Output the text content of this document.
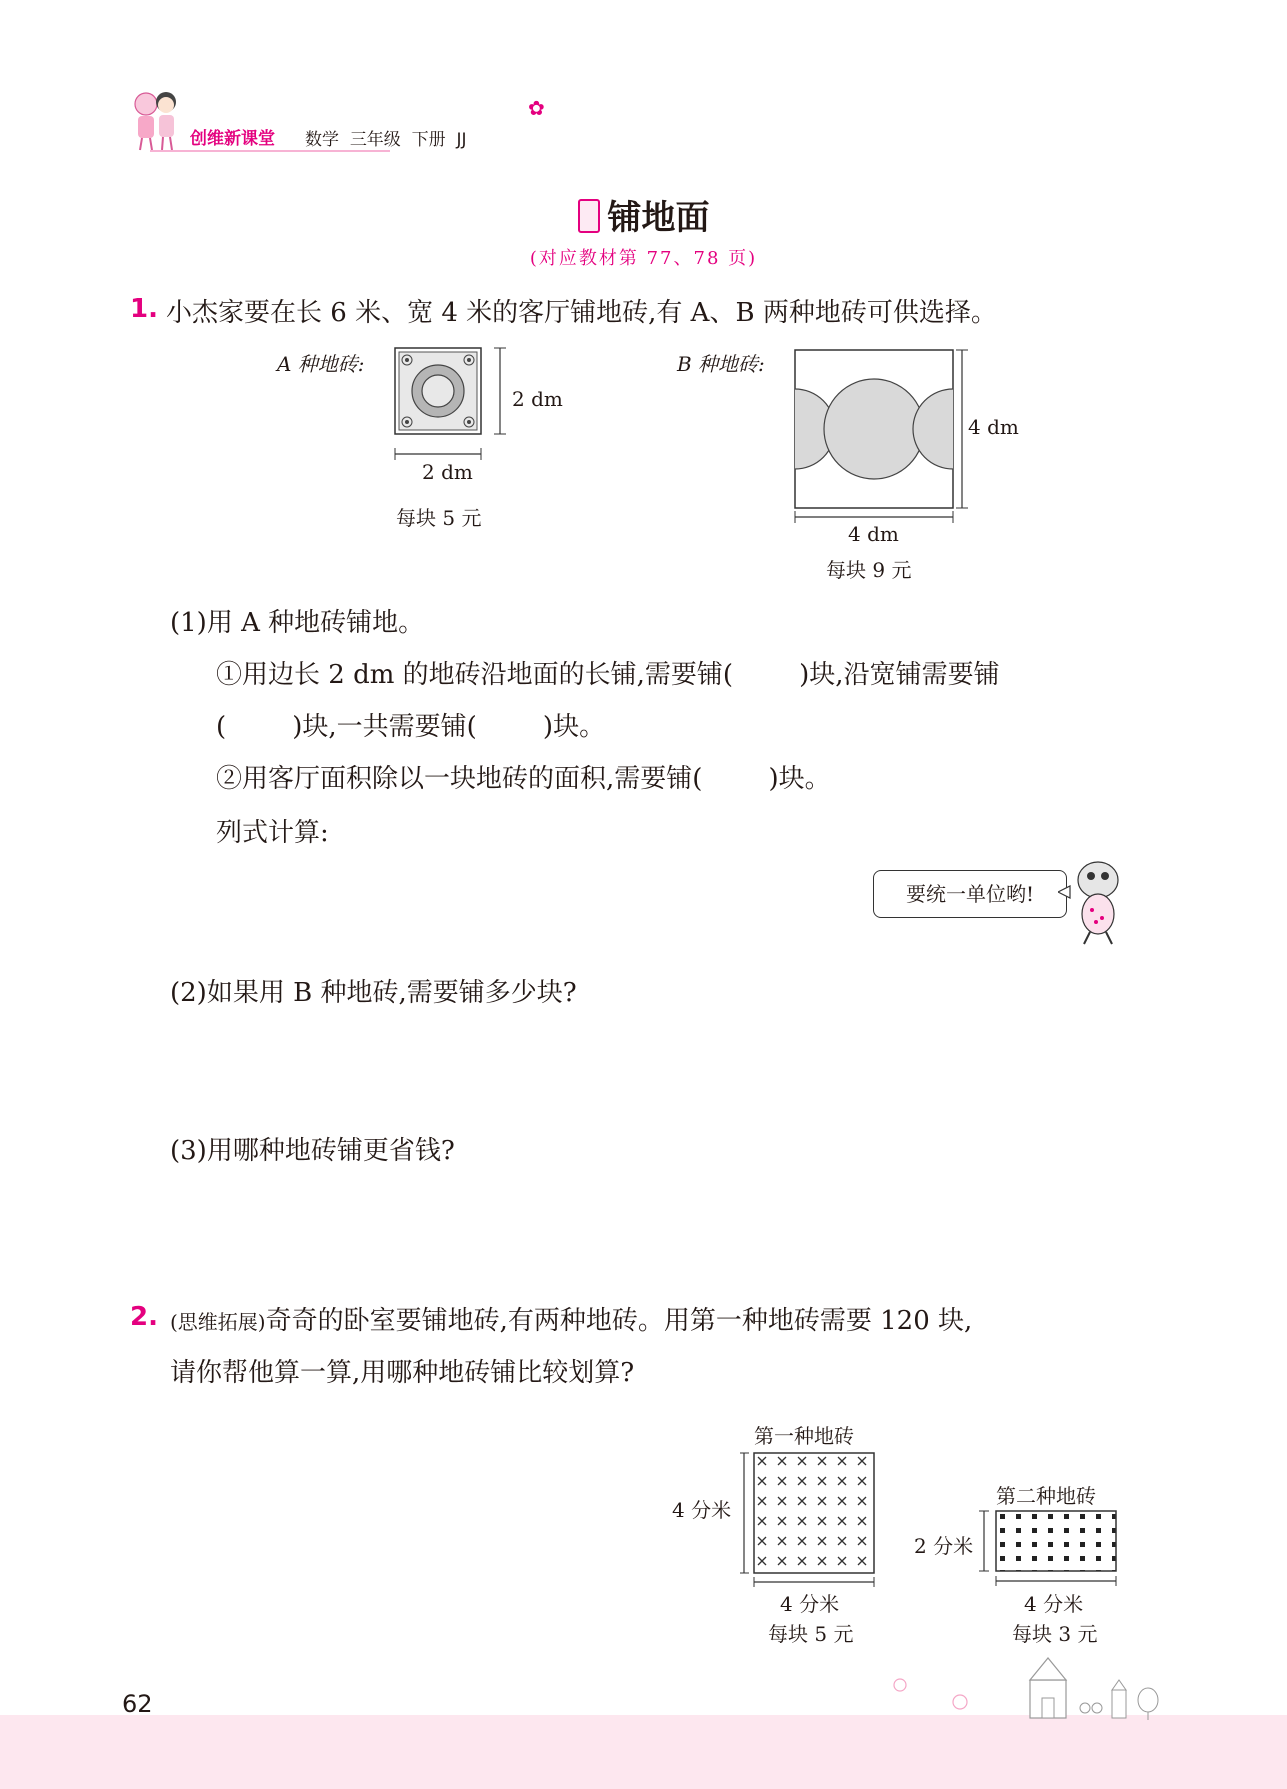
创维新课堂 数学 三年级 下册 JJ
✿
铺地面
(对应教材第 77、78 页)
1. 小杰家要在长 6 米、宽 4 米的客厅铺地砖,有 A、B 两种地砖可供选择。
A 种地砖:
2 dm
2 dm
每块 5 元
B 种地砖:
4 dm
4 dm
每块 9 元
(1)用 A 种地砖铺地。
①用边长 2 dm 的地砖沿地面的长铺,需要铺(        )块,沿宽铺需要铺
(        )块,一共需要铺(        )块。
②用客厅面积除以一块地砖的面积,需要铺(        )块。
列式计算:
要统一单位哟!
(2)如果用 B 种地砖,需要铺多少块?
(3)用哪种地砖铺更省钱?
2. (思维拓展)奇奇的卧室要铺地砖,有两种地砖。用第一种地砖需要 120 块,
请你帮他算一算,用哪种地砖铺比较划算?
第一种地砖
4 分米
4 分米
每块 5 元
第二种地砖
2 分米
4 分米
每块 3 元
62
